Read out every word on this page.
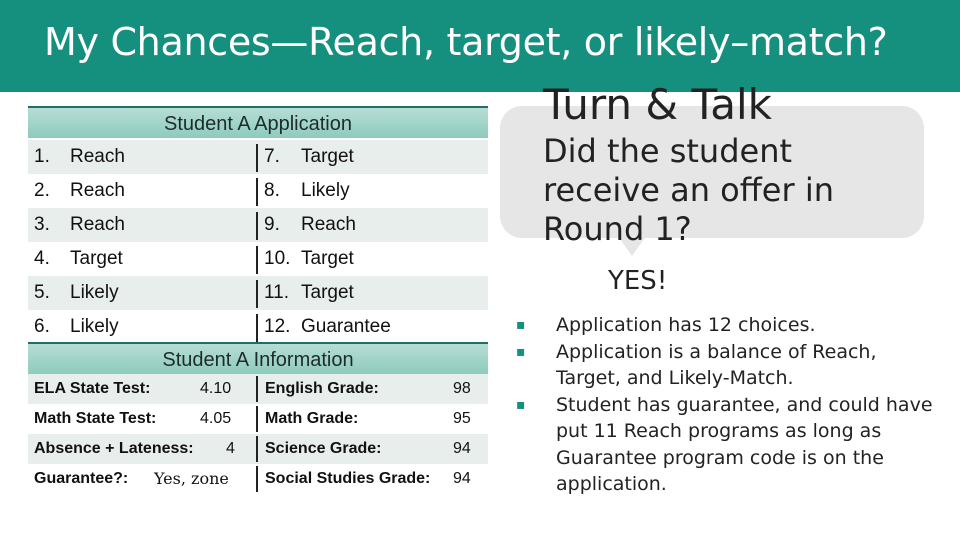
My Chances—Reach, target, or likely–match?
Student A Application
1. Reach	7. Target
2. Reach	8. Likely
3. Reach	9. Reach
4. Target	10. Target
5. Likely	11. Target
6. Likely	12. Guarantee
Student A Information
ELA State Test:	4.10 English Grade:	98
Math State Test:	4.05 Math Grade:	95
Absence + Lateness: 4 Science Grade:	94
Guarantee?: Yes, zone Social Studies Grade: 94
Turn & Talk
Did the student receive an offer in Round 1?
YES!
▪ Application has 12 choices.
▪ Application is a balance of Reach, Target, and Likely-Match.
▪ Student has guarantee, and could have put 11 Reach programs as long as Guarantee program code is on the application.
